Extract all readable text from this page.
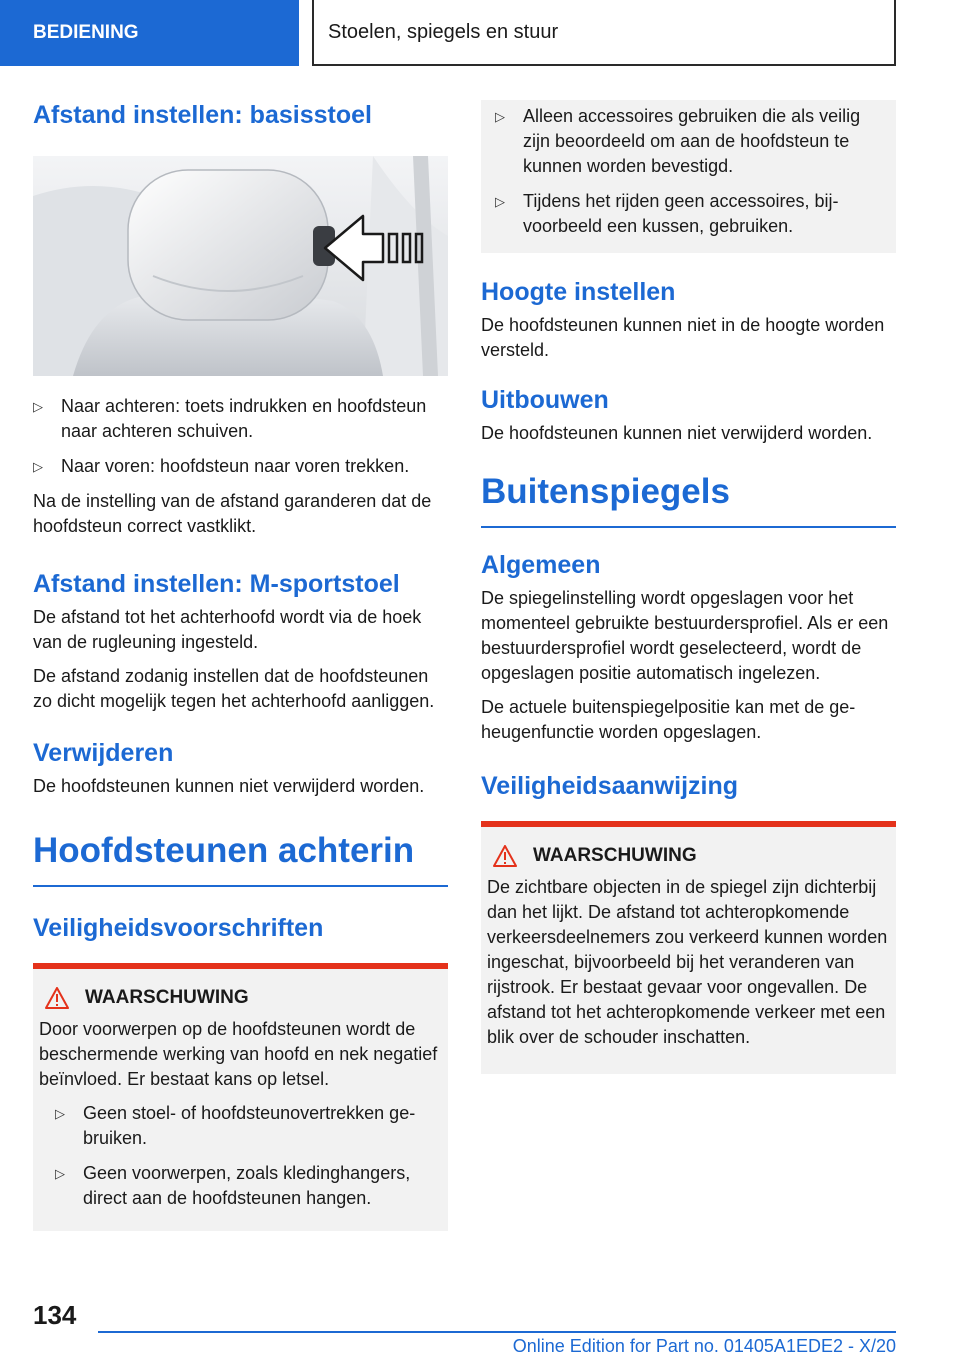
BEDIENING	Stoelen, spiegels en stuur
Afstand instellen: basisstoel
▷ Naar achteren: toets indrukken en hoofdsteun naar achteren schuiven.
▷ Naar voren: hoofdsteun naar voren trekken.

Na de instelling van de afstand garanderen dat de hoofdsteun correct vastklikt.

Afstand instellen: M-sportstoel

De afstand tot het achterhoofd wordt via de hoek van de rugleuning ingesteld.

De afstand zodanig instellen dat de hoofdsteunen zo dicht mogelijk tegen het achterhoofd aanliggen.

Verwijderen

De hoofdsteunen kunnen niet verwijderd worden.

Hoofdsteunen achterin
Veiligheidsvoorschriften
WAARSCHUWING

Door voorwerpen op de hoofdsteunen wordt de beschermende werking van hoofd en nek negatief beïnvloed. Er bestaat kans op letsel.

▷ Geen stoel- of hoofdsteunovertrekken gebruiken.
▷ Geen voorwerpen, zoals kledinghangers, direct aan de hoofdsteunen hangen.
▷ Alleen accessoires gebruiken die als veilig zijn beoordeeld om aan de hoofdsteun te kunnen worden bevestigd.
▷ Tijdens het rijden geen accessoires, bijvoorbeeld een kussen, gebruiken.
Hoogte instellen

De hoofdsteunen kunnen niet in de hoogte worden versteld.

Uitbouwen

De hoofdsteunen kunnen niet verwijderd worden.

Buitenspiegels
Algemeen

De spiegelinstelling wordt opgeslagen voor het momenteel gebruikte bestuurdersprofiel. Als er een bestuurdersprofiel wordt geselecteerd, wordt de opgeslagen positie automatisch ingelezen.

De actuele buitenspiegelpositie kan met de geheugenfunctie worden opgeslagen.

Veiligheidsaanwijzing
WAARSCHUWING

De zichtbare objecten in de spiegel zijn dichterbij dan het lijkt. De afstand tot achteropkomende verkeersdeelnemers zou verkeerd kunnen worden ingeschat, bijvoorbeeld bij het veranderen van rijstrook. Er bestaat gevaar voor ongevallen. De afstand tot het achteropkomende verkeer met een blik over de schouder inschatten.

134
Online Edition for Part no. 01405A1EDE2 - X/20
